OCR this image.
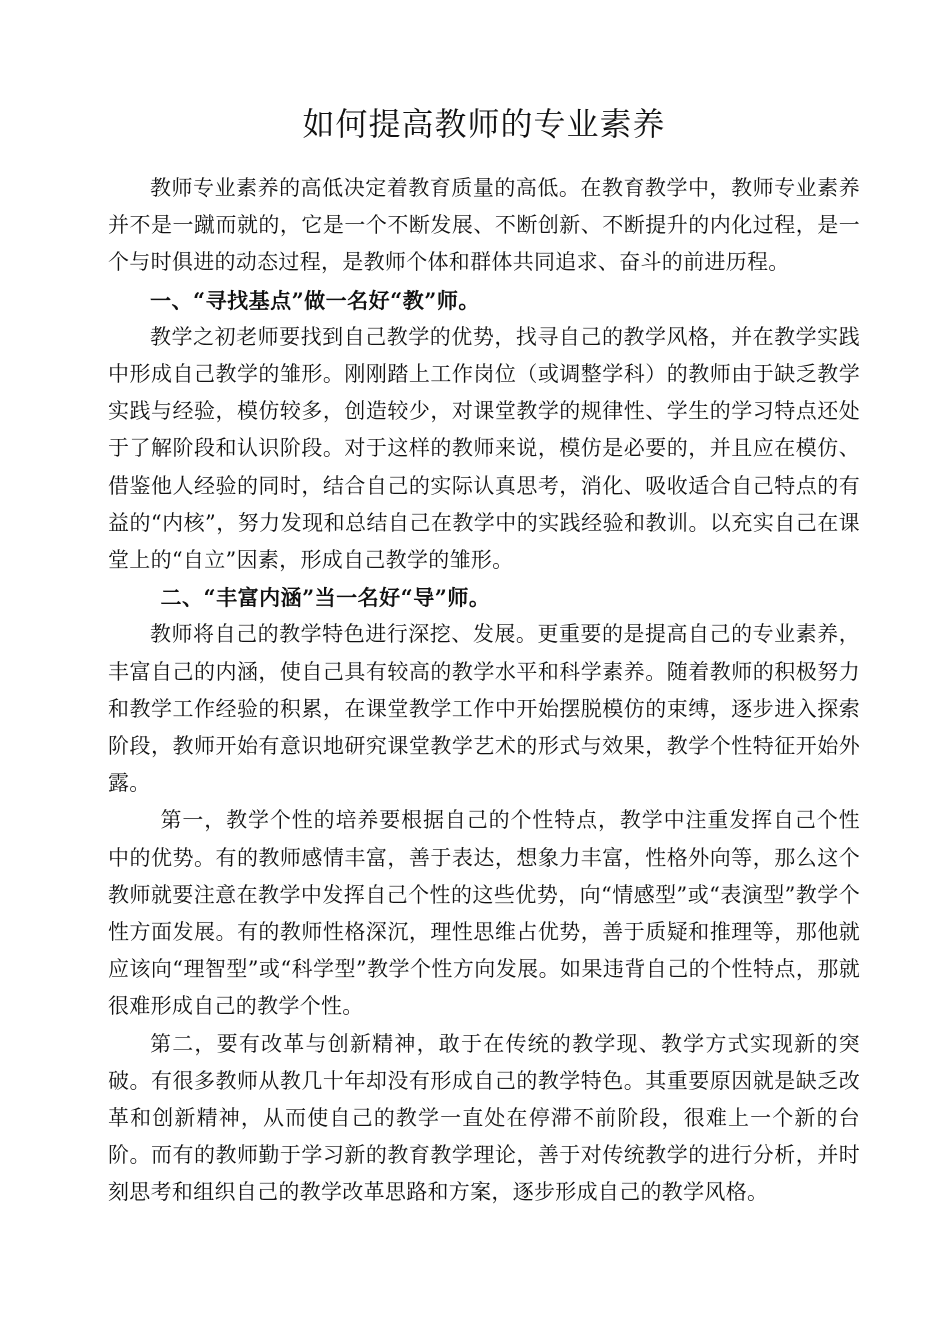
如何提高教师的专业素养

教师专业素养的高低决定着教育质量的高低。在教育教学中，教师专业素养并不是一蹴而就的，它是一个不断发展、不断创新、不断提升的内化过程，是一个与时俱进的动态过程，是教师个体和群体共同追求、奋斗的前进历程。

一、“寻找基点”做一名好“教”师。

教学之初老师要找到自己教学的优势，找寻自己的教学风格，并在教学实践中形成自己教学的雏形。刚刚踏上工作岗位（或调整学科）的教师由于缺乏教学实践与经验，模仿较多，创造较少，对课堂教学的规律性、学生的学习特点还处于了解阶段和认识阶段。对于这样的教师来说，模仿是必要的，并且应在模仿、借鉴他人经验的同时，结合自己的实际认真思考，消化、吸收适合自己特点的有益的“内核”，努力发现和总结自己在教学中的实践经验和教训。以充实自己在课堂上的“自立”因素，形成自己教学的雏形。

二、“丰富内涵”当一名好“导”师。

教师将自己的教学特色进行深挖、发展。更重要的是提高自己的专业素养，丰富自己的内涵，使自己具有较高的教学水平和科学素养。随着教师的积极努力和教学工作经验的积累，在课堂教学工作中开始摆脱模仿的束缚，逐步进入探索阶段，教师开始有意识地研究课堂教学艺术的形式与效果，教学个性特征开始外露。

第一，教学个性的培养要根据自己的个性特点，教学中注重发挥自己个性中的优势。有的教师感情丰富，善于表达，想象力丰富，性格外向等，那么这个教师就要注意在教学中发挥自己个性的这些优势，向“情感型”或“表演型”教学个性方面发展。有的教师性格深沉，理性思维占优势，善于质疑和推理等，那他就应该向“理智型”或“科学型”教学个性方向发展。如果违背自己的个性特点，那就很难形成自己的教学个性。

第二，要有改革与创新精神，敢于在传统的教学现、教学方式实现新的突破。有很多教师从教几十年却没有形成自己的教学特色。其重要原因就是缺乏改革和创新精神，从而使自己的教学一直处在停滞不前阶段，很难上一个新的台阶。而有的教师勤于学习新的教育教学理论，善于对传统教学的进行分析，并时刻思考和组织自己的教学改革思路和方案，逐步形成自己的教学风格。
